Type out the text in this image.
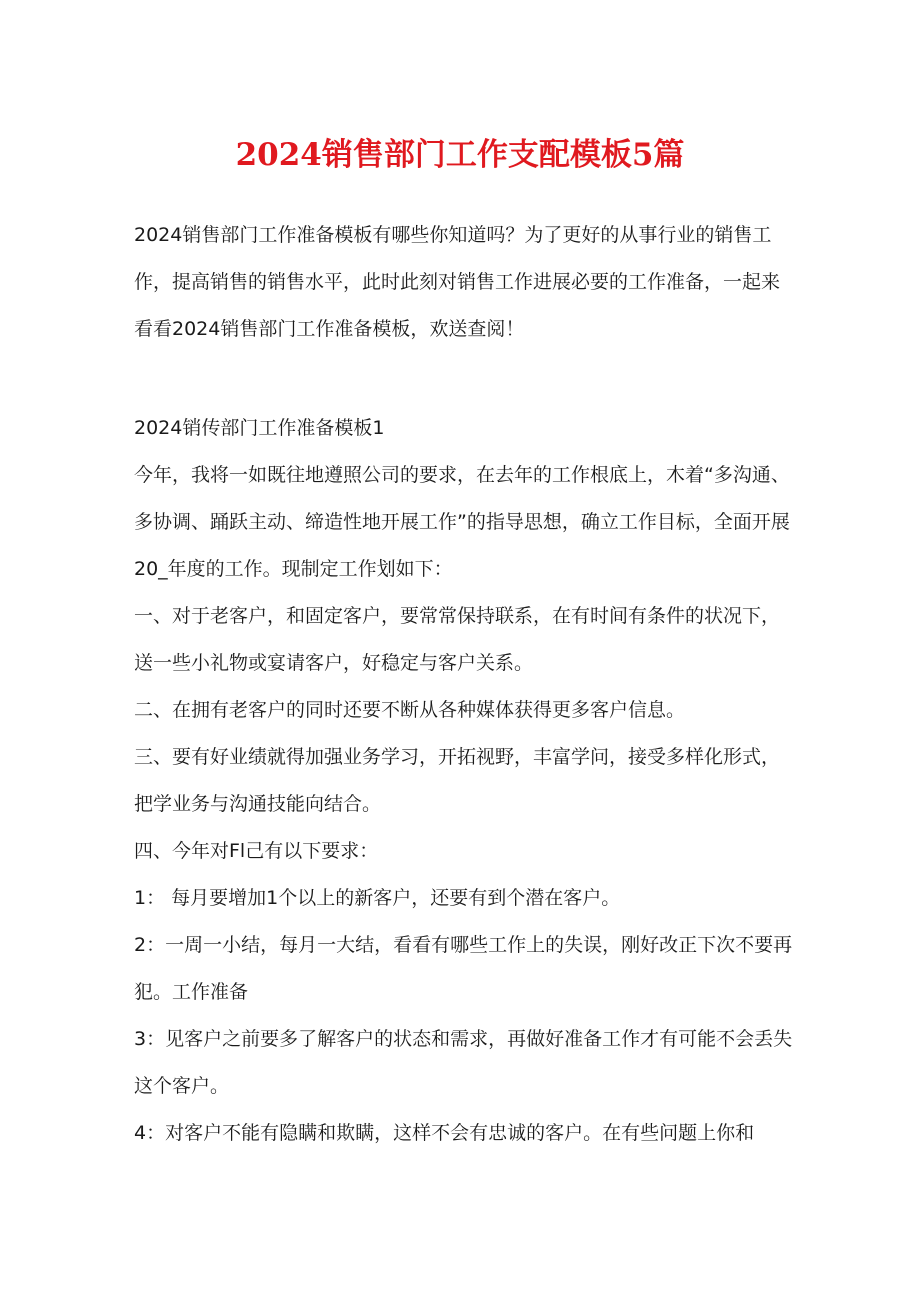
2024销售部门工作支配模板5篇

2024销售部门工作准备模板有哪些你知道吗？为了更好的从事行业的销售工作，提高销售的销售水平，此时此刻对销售工作进展必要的工作准备，一起来看看2024销售部门工作准备模板，欢送查阅！

2024销传部门工作准备模板1

今年，我将一如既往地遵照公司的要求，在去年的工作根底上，木着“多沟通、多协调、踊跃主动、缔造性地开展工作”的指导思想，确立工作目标，全面开展20_年度的工作。现制定工作划如下：

一、对于老客户，和固定客户，要常常保持联系，在有时间有条件的状况下，送一些小礼物或宴请客户，好稳定与客户关系。

二、在拥有老客户的同时还要不断从各种媒体获得更多客户信息。

三、要有好业绩就得加强业务学习，开拓视野，丰富学问，接受多样化形式，把学业务与沟通技能向结合。

四、今年对Fl己有以下要求：

1： 每月要增加1个以上的新客户，还要有到个潜在客户。

2：一周一小结，每月一大结，看看有哪些工作上的失误，刚好改正下次不要再犯。工作准备

3：见客户之前要多了解客户的状态和需求，再做好准备工作才有可能不会丢失这个客户。

4：对客户不能有隐瞒和欺瞒，这样不会有忠诚的客户。在有些问题上你和
